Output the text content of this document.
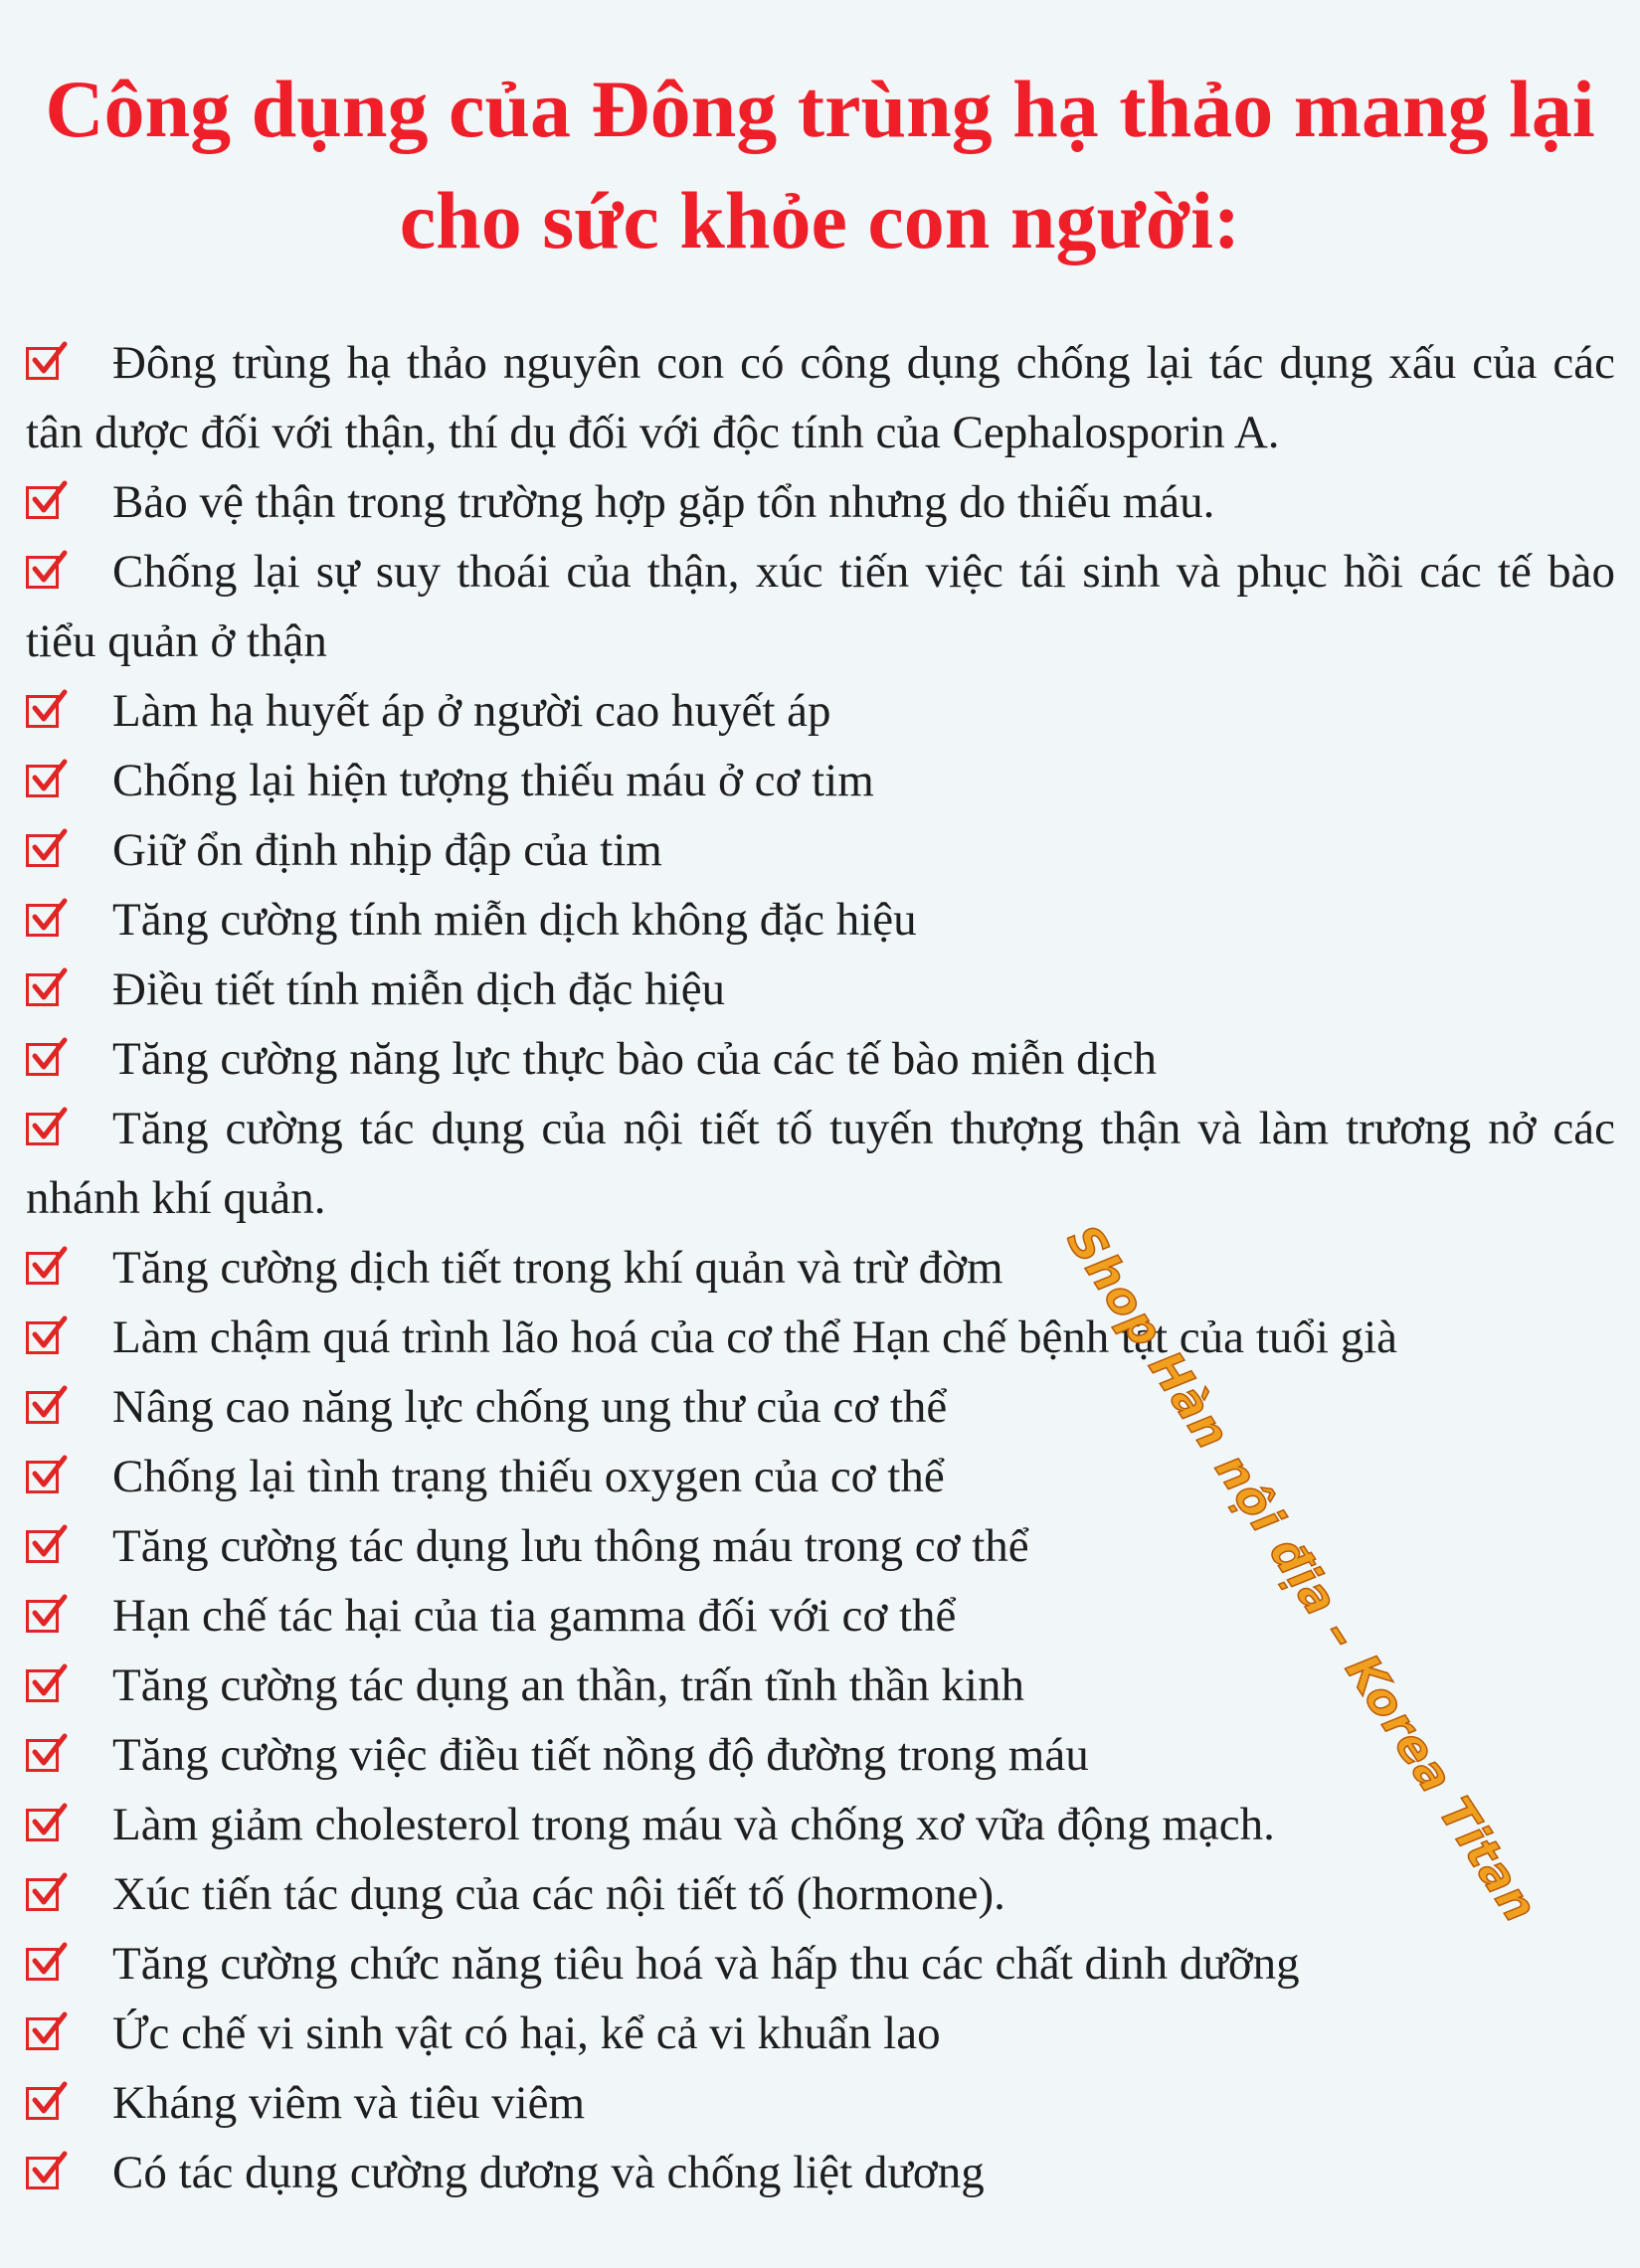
Công dụng của Đông trùng hạ thảo mang lại
cho sức khỏe con người:
Đông trùng hạ thảo nguyên con có công dụng chống lại tác dụng xấu của các tân dược đối với thận, thí dụ đối với độc tính của Cephalosporin A.
Bảo vệ thận trong trường hợp gặp tổn nhưng do thiếu máu.
Chống lại sự suy thoái của thận, xúc tiến việc tái sinh và phục hồi các tế bào tiểu quản ở thận
Làm hạ huyết áp ở người cao huyết áp
Chống lại hiện tượng thiếu máu ở cơ tim
Giữ ổn định nhịp đập của tim
Tăng cường tính miễn dịch không đặc hiệu
Điều tiết tính miễn dịch đặc hiệu
Tăng cường năng lực thực bào của các tế bào miễn dịch
Tăng cường tác dụng của nội tiết tố tuyến thượng thận và làm trương nở các nhánh khí quản.
Tăng cường dịch tiết trong khí quản và trừ đờm
Làm chậm quá trình lão hoá của cơ thể Hạn chế bệnh tật của tuổi già
Nâng cao năng lực chống ung thư của cơ thể
Chống lại tình trạng thiếu oxygen của cơ thể
Tăng cường tác dụng lưu thông máu trong cơ thể
Hạn chế tác hại của tia gamma đối với cơ thể
Tăng cường tác dụng an thần, trấn tĩnh thần kinh
Tăng cường việc điều tiết nồng độ đường trong máu
Làm giảm cholesterol trong máu và chống xơ vữa động mạch.
Xúc tiến tác dụng của các nội tiết tố (hormone).
Tăng cường chức năng tiêu hoá và hấp thu các chất dinh dưỡng
Ức chế vi sinh vật có hại, kể cả vi khuẩn lao
Kháng viêm và tiêu viêm
Có tác dụng cường dương và chống liệt dương
Shop Hàn nội địa – Korea Titan
